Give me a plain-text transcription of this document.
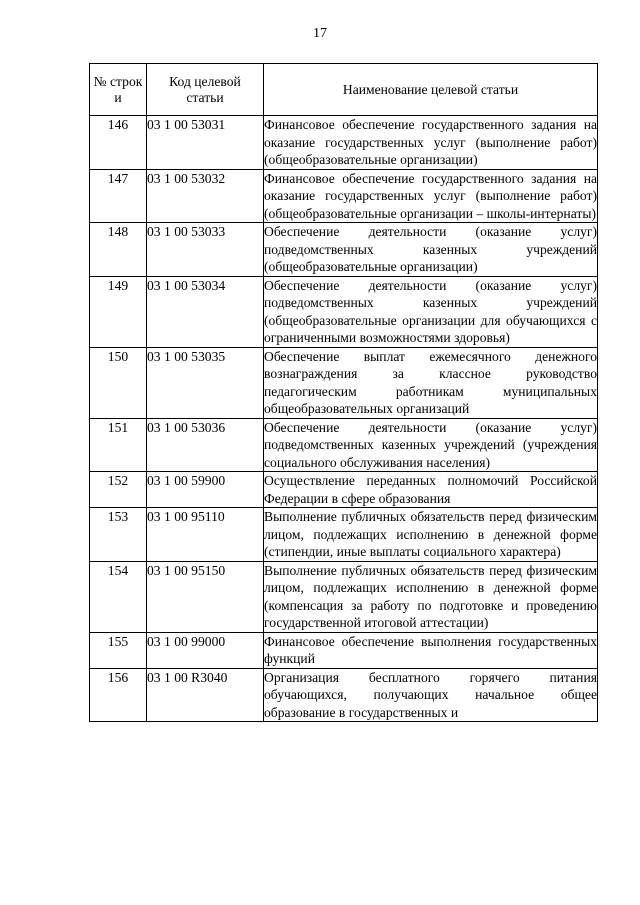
17
№ строк и	Код целевой статьи	Наименование целевой статьи
146	03 1 00 53031	Финансовое обеспечение государственного задания на оказание государственных услуг (выполнение работ) (общеобразовательные организации)
147	03 1 00 53032	Финансовое обеспечение государственного задания на оказание государственных услуг (выполнение работ) (общеобразовательные организации – школы-интернаты)
148	03 1 00 53033	Обеспечение деятельности (оказание услуг) подведомственных казенных учреждений (общеобразовательные организации)
149	03 1 00 53034	Обеспечение деятельности (оказание услуг) подведомственных казенных учреждений (общеобразовательные организации для обучающихся с ограниченными возможностями здоровья)
150	03 1 00 53035	Обеспечение выплат ежемесячного денежного вознаграждения за классное руководство педагогическим работникам муниципальных общеобразовательных организаций
151	03 1 00 53036	Обеспечение деятельности (оказание услуг) подведомственных казенных учреждений (учреждения социального обслуживания населения)
152	03 1 00 59900	Осуществление переданных полномочий Российской Федерации в сфере образования
153	03 1 00 95110	Выполнение публичных обязательств перед физическим лицом, подлежащих исполнению в денежной форме (стипендии, иные выплаты социального характера)
154	03 1 00 95150	Выполнение публичных обязательств перед физическим лицом, подлежащих исполнению в денежной форме (компенсация за работу по подготовке и проведению государственной итоговой аттестации)
155	03 1 00 99000	Финансовое обеспечение выполнения государственных функций
156	03 1 00 R3040	Организация бесплатного горячего питания обучающихся, получающих начальное общее образование в государственных и
